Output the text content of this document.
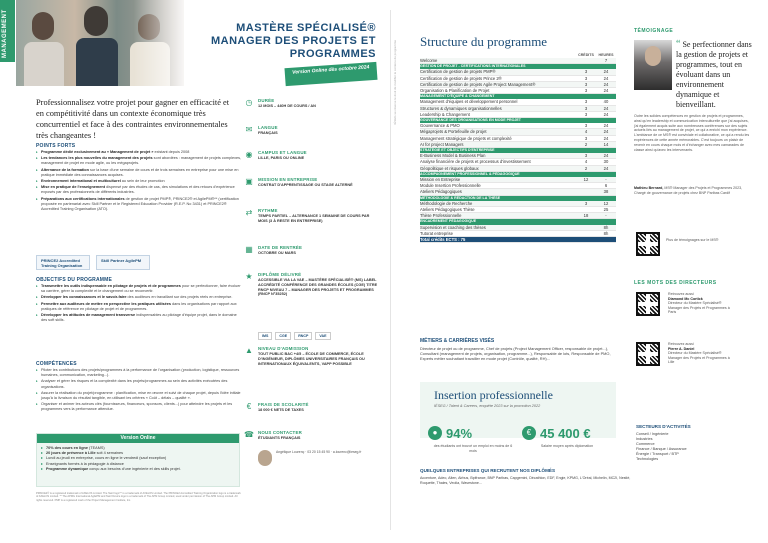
MANAGEMENT
IÉSEG se réserve le droit de modifier le contenu du programme
MASTÈRE SPÉCIALISÉ®
MANAGER DES PROJETS ET
PROGRAMMES
Version Online dès octobre 2024
Professionnalisez votre projet pour gagner en efficacité et en compétitivité dans un contexte économique très concurrentiel et face à des contraintes environnementales très changeantes !
POINTS FORTS
▸ Programme dédié exclusivement au « Management de projet » existant depuis 2008
▸ Les tendances les plus nouvelles du management des projets sont abordées : management de projets complexes, management de projet en mode agile, ou les mégaprojets.
▸ Alternance de la formation sur la base d'une semaine de cours et de trois semaines en entreprise pour une mise en pratique immédiate des connaissances acquises.
▸ Environnement international et multiculturel au sein de leur promotion
▸ Mise en pratique de l'enseignement dispensé par des études de cas, des simulations et des retours d'expérience exposés par des professionnels de différents industries.
▸ Préparations aux certifications internationales de gestion de projet PMP®, PRINCE2® et AgilePM®** (certification proposée en partenariat avec Skill Partner et le Registered Education Provider (R.E.P. No 3431) et PRINCE2® Accredited Training Organisation (ATO).
PRINCE2 Accredited Training Organisation
Skill Partner AgilePM
OBJECTIFS DU PROGRAMME
▸ Transmettre les outils indispensable en pilotage de projets et de programmes pour se perfectionner, faire évoluer sa carrière, gérer la complexité et le changement ou se reconvertir.
▸ Développer les connaissances et le savoir-faire des auditeurs en travaillant sur des projets réels en entreprise.
▸ Permettre aux auditeurs de mettre en perspective les pratiques utilisées dans les organisations par rapport aux pratiques de référence en pilotage de projet et de programmes.
▸ Développer les attitudes de management transverse indispensables au pilotage d'équipe projet, dans le domaine des soft skills.
COMPÉTENCES
▸ Piloter les contributions des projets/programmes à la performance de l'organisation (production, logistique, ressources humaines, communication, marketing...).
▸ Analyser et gérer les risques et la complexité dans les projets/programmes au sein des activités exécutées des organisations.
▸ Assurer la réalisation du projet/programme : planification, mise en œuvre et suivi de chaque projet, depuis l'idée initiale jusqu'à la livraison du résultat tangible, en utilisant les critères « Coût – délais – qualité ».
▸ Organiser et animer les acteurs clés (fournisseurs, financeurs, sponsors, clients...) pour atteindre les projets et les programmes vers la performance attendue.
Version Online
▸ 70% des cours en ligne (TEAMS)
▸ 20 jours de présence à Lille soit 4 semaines
▸ Lundi au jeudi en entreprise, cours en ligne le vendredi (sauf exception)
▸ Enseignants formés à la pédagogie à distance
▸ Programme dynamique conçu aux besoins d'une ingénierie et des skills projet.
PRINCE2® is a registered trademark of AXELOS Limited. The Swirl logo™ is a trademark of AXELOS Limited. The PRINCE2 Accredited Training Organization logo is a trademark of AXELOS Limited. ** The APMG International AgilePM and Swirl Device logo is a trademark of The APM Group Limited, used under permission of The APM Group Limited. All rights reserved. PMP is a registered mark of the Project Management Institute, Inc.
◷	DURÉE
12 MOIS – 440H DE COURS / AN
✉	LANGUE
FRANÇAIS
◉	CAMPUS ET LANGUE
LILLE, PARIS OU ONLINE
▣ MISSION EN ENTREPRISE
CONTRAT D'APPRENTISSAGE OU STAGE ALTERNÉ
⇄	RYTHME
TEMPS PARTIEL – ALTERNANCE 1 SEMAINE DE COURS PAR MOIS (3 À RESTE EN ENTREPRISE)
▦ DATE DE RENTRÉE
OCTOBRE OU MARS
★	DIPLÔME DÉLIVRÉ
ACCESSIBLE VIA LA VAE – MASTÈRE SPÉCIALISÉ® (MS) LABEL ACCRÉDITÉ CONFÉRENCE DES GRANDES ÉCOLES (CGE) TITRE RNCP NIVEAU 7 – MANAGER DES PROJETS ET PROGRAMMES (RNCP N°35252)
▲ NIVEAU D'ADMISSION
TOUT PUBLIC BAC +4/5 – ÉCOLE DE COMMERCE, ÉCOLE D'INGÉNIEUR, DIPLÔMES UNIVERSITAIRES FRANÇAIS OU INTERNATIONAUX ÉQUIVALENTS, VAPP POSSIBLE
€	FRAIS DE SCOLARITÉ
18 000 € NETS DE TAXES
☎ NOUS CONTACTER
ÉTUDIANTS FRANÇAIS
IMS	CGE	RNCP	VAE
Angélique Lourenç · 03 20 15 45 90 · a.lourenc@ieseg.fr
Structure du programme
	CRÉDITS	HEURES
Welcome		7
GESTION DE PROJET - CERTIFICATIONS INTERNATIONALES		
Certification de gestion de projets PMP®	3	24
Certification de gestion de projets Prince 2®	3	24
Certification de gestion de projets Agile Project Management®	3	24
Organisation & Planification de Projet	3	24
MANAGEMENT D'ÉQUIPE & CHANGEMENT		
Management d'équipes et développement personnel	3	40
Structures & dynamiques organisationnelles	3	24
Leadership & Changement	3	24
GOUVERNANCE DES ORGANISATIONS EN MODE PROJET		
Gouvernance & PMO	3	24
Mégaprojets & Portefeuille de projet	4	24
Management stratégique de projets et complexité	3	24
AI for project Managers	2	14
STRATÉGIE ET OBJECTIFS D'ENTREPRISE		
E-Business Model & Business Plan	3	24
Analyse financière de projets et processus d'investissement	4	30
Géopolitique et risques globaux	2	24
ACCOMPAGNEMENT PROFESSIONNEL & PÉDAGOGIQUE		
Mission en Entreprise	12	-
Module Insertion Professionnelle		6
Ateliers Pédagogiques		38
MÉTHODOLOGIE & RÉDACTION DE LA THÈSE		
Méthodologie de Recherche	3	12
Ateliers Pédagogiques Thèse		25
Thèse Professionnelle	18	-
ENCADREMENT PÉDAGOGIQUE		
Supervision et coaching des thèses		8h
Tutorat entreprise		8h
Total crédits ECTS : 75		
MÉTIERS & CARRIÈRES VISÉS
Directeur de projet ou de programme, Chef de projets (Project Management Officer, responsable de projet...), Consultant (management de projets, organisation, programme...), Responsable de lots, Responsable de PMO, Experts métier souhaitant travailler en mode projet (Contrôle, qualité, RH)...
Insertion professionnelle
IÉSEG / Talent & Careers, enquête 2023 sur la promotion 2022
● 94%
des étudiants ont trouvé un emploi en moins de 6 mois
€ 45 400 €
Salaire moyen après diplomation
SECTEURS D'ACTIVITÉS
Conseil / Ingénierie
Industries
Commerce
Finance / Banque / Assurance
Énergie / Transport / BTP
Technologies
QUELQUES ENTREPRISES QUI RECRUTENT NOS DIPLÔMÉS
Accenture, Adeo, Alten, Airbus, Bpifrance, BNP Paribas, Capgemini, Décathlon, EDF, Engie, KPMG, L'Oréal, Michelin, MC2I, Nestlé, Roquette, Thales, Veolia, Wavestone...
TÉMOIGNAGE
“ Se perfectionner dans la gestion de projets et programmes, tout en évoluant dans un environnement dynamique et bienveillant.
Outre les solides compétences en gestion de projets et programmes, ainsi qu'en leadership et communication interculturelle que j'ai acquises, j'ai également acquis suite aux nombreuses conférences sur des sujets actuels liés au management de projet, ce qui a enrichi mon expérience. L'ambiance de ce MS® est conviviale et collaborative, ce qui a rendu les expériences de cette année mémorables. C'est toujours un plaisir de revenir en cours chaque mois et d'échanger avec mes camarades de classe ainsi qu'avec les intervenants.
Mathieu Bernard, MS® Manager des Projets et Programmes 2023, Chargé de gouvernance de projets chez BNP Paribas Cardif
Plus de témoignages sur le MS®
LES MOTS DES DIRECTEURS
Retrouvez aussi
Diamond Mc Cortick
Directeur du Mastère Spécialisé® Manager des Projets et Programmes à Paris
Retrouvez aussi
Pierre A. Daniel
Directeur du Mastère Spécialisé® Manager des Projets et Programmes à Lille
